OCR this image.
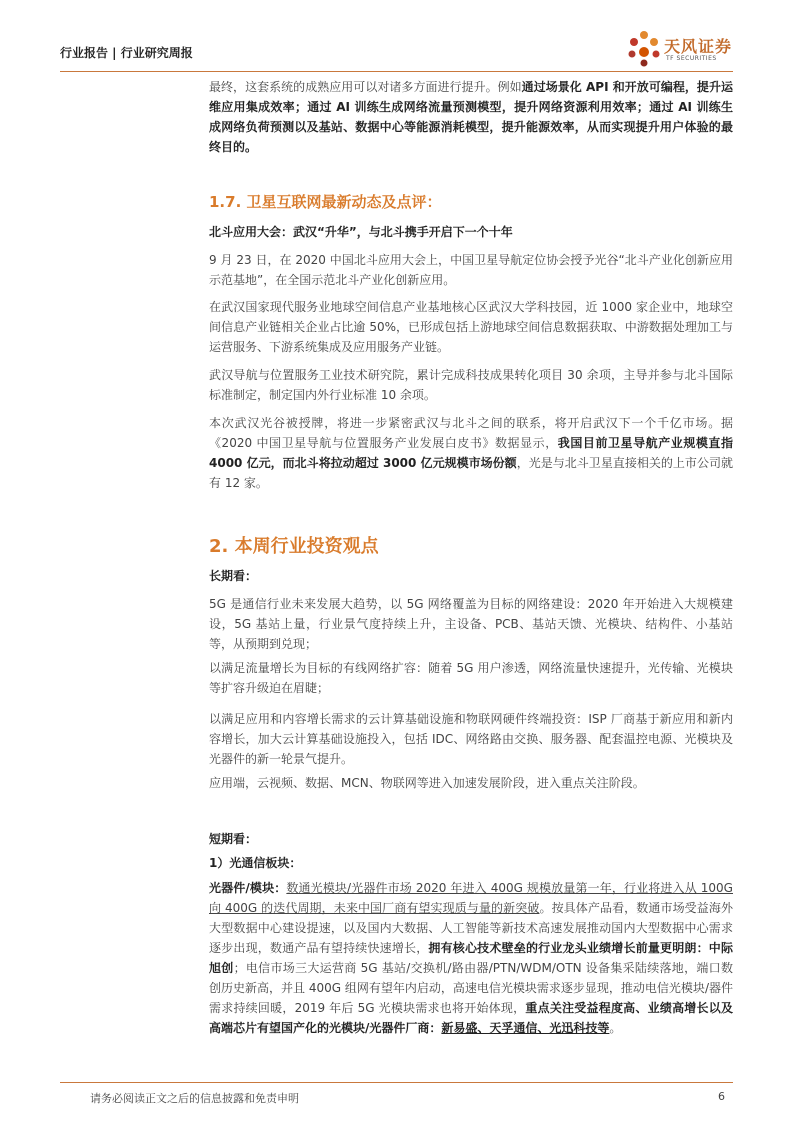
行业报告 | 行业研究周报	天风证券
TF SECURITIES

最终，这套系统的成熟应用可以对诸多方面进行提升。例如通过场景化 API 和开放可编程，提升运维应用集成效率；通过 AI 训练生成网络流量预测模型，提升网络资源利用效率；通过 AI 训练生成网络负荷预测以及基站、数据中心等能源消耗模型，提升能源效率，从而实现提升用户体验的最终目的。

1.7. 卫星互联网最新动态及点评：

北斗应用大会：武汉“升华”，与北斗携手开启下一个十年

9 月 23 日，在 2020 中国北斗应用大会上，中国卫星导航定位协会授予光谷“北斗产业化创新应用示范基地”，在全国示范北斗产业化创新应用。

在武汉国家现代服务业地球空间信息产业基地核心区武汉大学科技园，近 1000 家企业中，地球空间信息产业链相关企业占比逾 50%，已形成包括上游地球空间信息数据获取、中游数据处理加工与运营服务、下游系统集成及应用服务产业链。

武汉导航与位置服务工业技术研究院，累计完成科技成果转化项目 30 余项，主导并参与北斗国际标准制定，制定国内外行业标准 10 余项。

本次武汉光谷被授牌，将进一步紧密武汉与北斗之间的联系，将开启武汉下一个千亿市场。据《2020 中国卫星导航与位置服务产业发展白皮书》数据显示，我国目前卫星导航产业规模直指 4000 亿元，而北斗将拉动超过 3000 亿元规模市场份额，光是与北斗卫星直接相关的上市公司就有 12 家。

2. 本周行业投资观点

长期看：

5G 是通信行业未来发展大趋势，以 5G 网络覆盖为目标的网络建设：2020 年开始进入大规模建设，5G 基站上量，行业景气度持续上升，主设备、PCB、基站天馈、光模块、结构件、小基站等，从预期到兑现；

以满足流量增长为目标的有线网络扩容：随着 5G 用户渗透，网络流量快速提升，光传输、光模块等扩容升级迫在眉睫；

以满足应用和内容增长需求的云计算基础设施和物联网硬件终端投资：ISP 厂商基于新应用和新内容增长，加大云计算基础设施投入，包括 IDC、网络路由交换、服务器、配套温控电源、光模块及光器件的新一轮景气提升。

应用端，云视频、数据、MCN、物联网等进入加速发展阶段，进入重点关注阶段。

短期看：

1）光通信板块：

光器件/模块：数通光模块/光器件市场 2020 年进入 400G 规模放量第一年，行业将进入从 100G 向 400G 的迭代周期，未来中国厂商有望实现质与量的新突破。按具体产品看，数通市场受益海外大型数据中心建设提速，以及国内大数据、人工智能等新技术高速发展推动国内大型数据中心需求逐步出现，数通产品有望持续快速增长，拥有核心技术壁垒的行业龙头业绩增长前量更明朗：中际旭创；电信市场三大运营商 5G 基站/交换机/路由器/PTN/WDM/OTN 设备集采陆续落地，端口数创历史新高，并且 400G 组网有望年内启动，高速电信光模块需求逐步显现，推动电信光模块/器件需求持续回暖，2019 年后 5G 光模块需求也将开始体现，重点关注受益程度高、业绩高增长以及高端芯片有望国产化的光模块/光器件厂商：新易盛、天孚通信、光迅科技等。

请务必阅读正文之后的信息披露和免责申明	6
